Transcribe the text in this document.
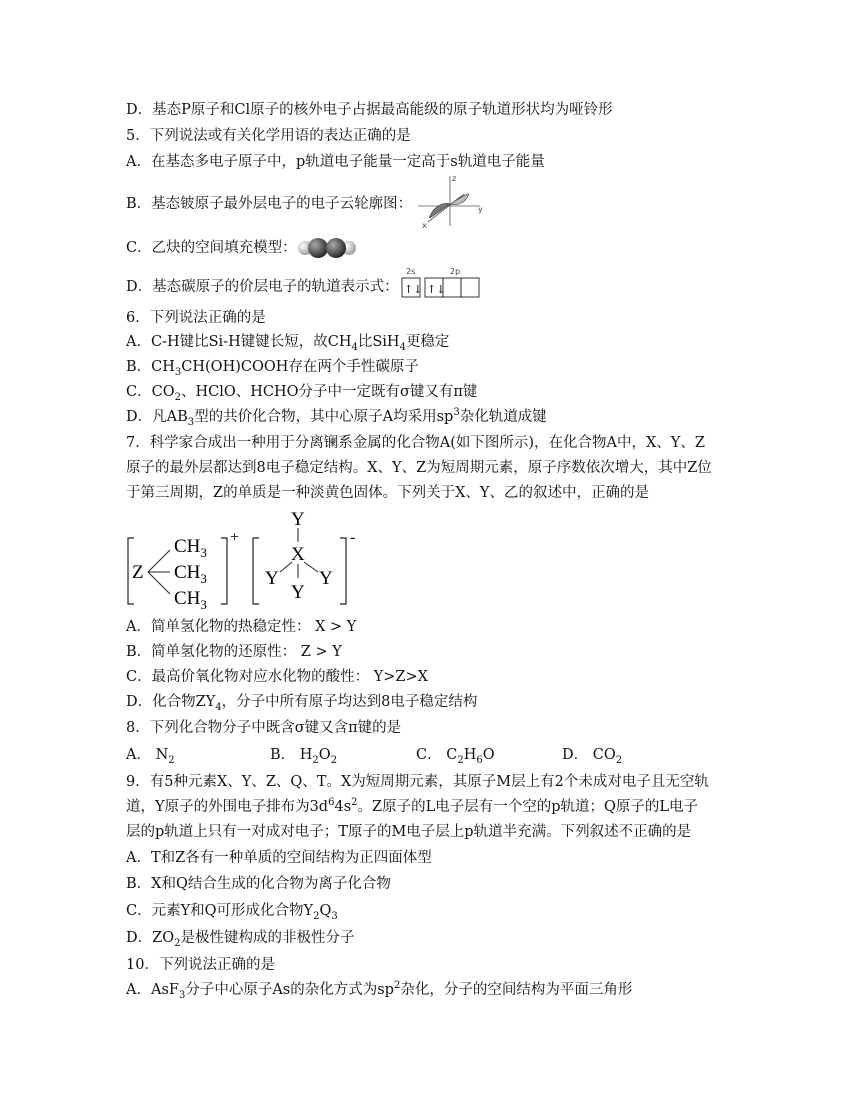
D．基态P原子和Cl原子的核外电子占据最高能级的原子轨道形状均为哑铃形
5．下列说法或有关化学用语的表达正确的是
A．在基态多电子原子中，p轨道电子能量一定高于s轨道电子能量
B．基态铍原子最外层电子的电子云轮廓图：
z
y
x
C．乙炔的空间填充模型：
D．基态碳原子的价层电子的轨道表示式：
2s	2p
↑↓ ↑↓
6．下列说法正确的是
A．C-H键比Si-H键键长短，故$CH_4$比SiH$_4$更稳定
B．$CH_3CH(OH)COOH$存在两个手性碳原子
C．$CO_2$、HClO、HCHO分子中一定既有σ键又有π键
D．凡$AB_3$型的共价化合物，其中心原子A均采用$sp^3$杂化轨道成键
7．科学家合成出一种用于分离镧系金属的化合物A(如下图所示)，在化合物A中，X、Y、Z
原子的最外层都达到8电子稳定结构。X、Y、Z为短周期元素，原子序数依次增大，其中Z位
于第三周期，Z的单质是一种淡黄色固体。下列关于X、Y、乙的叙述中，正确的是
Z
$CH_3$
$CH_3$
$CH_3$
+
Y
X
Y Y
Y
-
A．简单氢化物的热稳定性： X > Y
B．简单氢化物的还原性： Z > Y
C．最高价氧化物对应水化物的酸性： Y>Z>X
D．化合物$ZY_4$，分子中所有原子均达到8电子稳定结构
8．下列化合物分子中既含σ键又含π键的是
A． $N_2$	B． $H_2O_2$	C． $C_2H_6O$	D． $CO_2$
9．有5种元素X、Y、Z、Q、T。X为短周期元素，其原子M层上有2个未成对电子且无空轨
道，Y原子的外围电子排布为$3d^64s^2$。Z原子的L电子层有一个空的p轨道；Q原子的L电子
层的p轨道上只有一对成对电子；T原子的M电子层上p轨道半充满。下列叙述不正确的是
A．T和Z各有一种单质的空间结构为正四面体型
B．X和Q结合生成的化合物为离子化合物
C．元素Y和Q可形成化合物$Y_2Q_3$
D．$ZO_2$是极性键构成的非极性分子
10．下列说法正确的是
A．AsF$_3$分子中心原子As的杂化方式为$sp^2$杂化，分子的空间结构为平面三角形
